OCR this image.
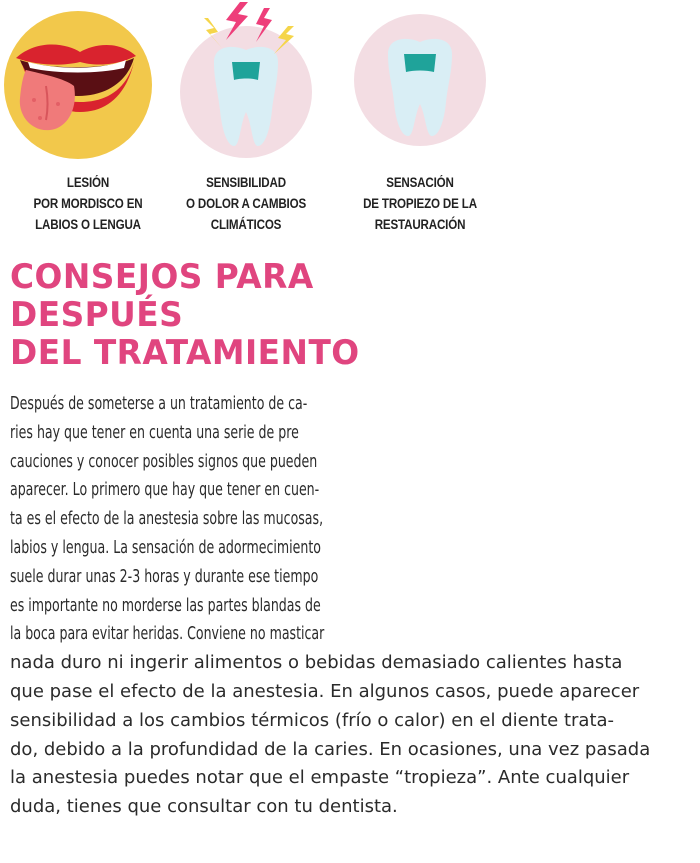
LESIÓN
POR MORDISCO EN
LABIOS O LENGUA
SENSIBILIDAD
O DOLOR A CAMBIOS
CLIMÁTICOS
SENSACIÓN
DE TROPIEZO DE LA
RESTAURACIÓN
CONSEJOS PARA
DESPUÉS
DEL TRATAMIENTO
Después de someterse a un tratamiento de ca-
ries hay que tener en cuenta una serie de pre
cauciones y conocer posibles signos que pueden
aparecer. Lo primero que hay que tener en cuen-
ta es el efecto de la anestesia sobre las mucosas,
labios y lengua. La sensación de adormecimiento
suele durar unas 2-3 horas y durante ese tiempo
es importante no morderse las partes blandas de
la boca para evitar heridas. Conviene no masticar
nada duro ni ingerir alimentos o bebidas demasiado calientes hasta
que pase el efecto de la anestesia. En algunos casos, puede aparecer
sensibilidad a los cambios térmicos (frío o calor) en el diente trata-
do, debido a la profundidad de la caries. En ocasiones, una vez pasada
la anestesia puedes notar que el empaste “tropieza”. Ante cualquier
duda, tienes que consultar con tu dentista.
